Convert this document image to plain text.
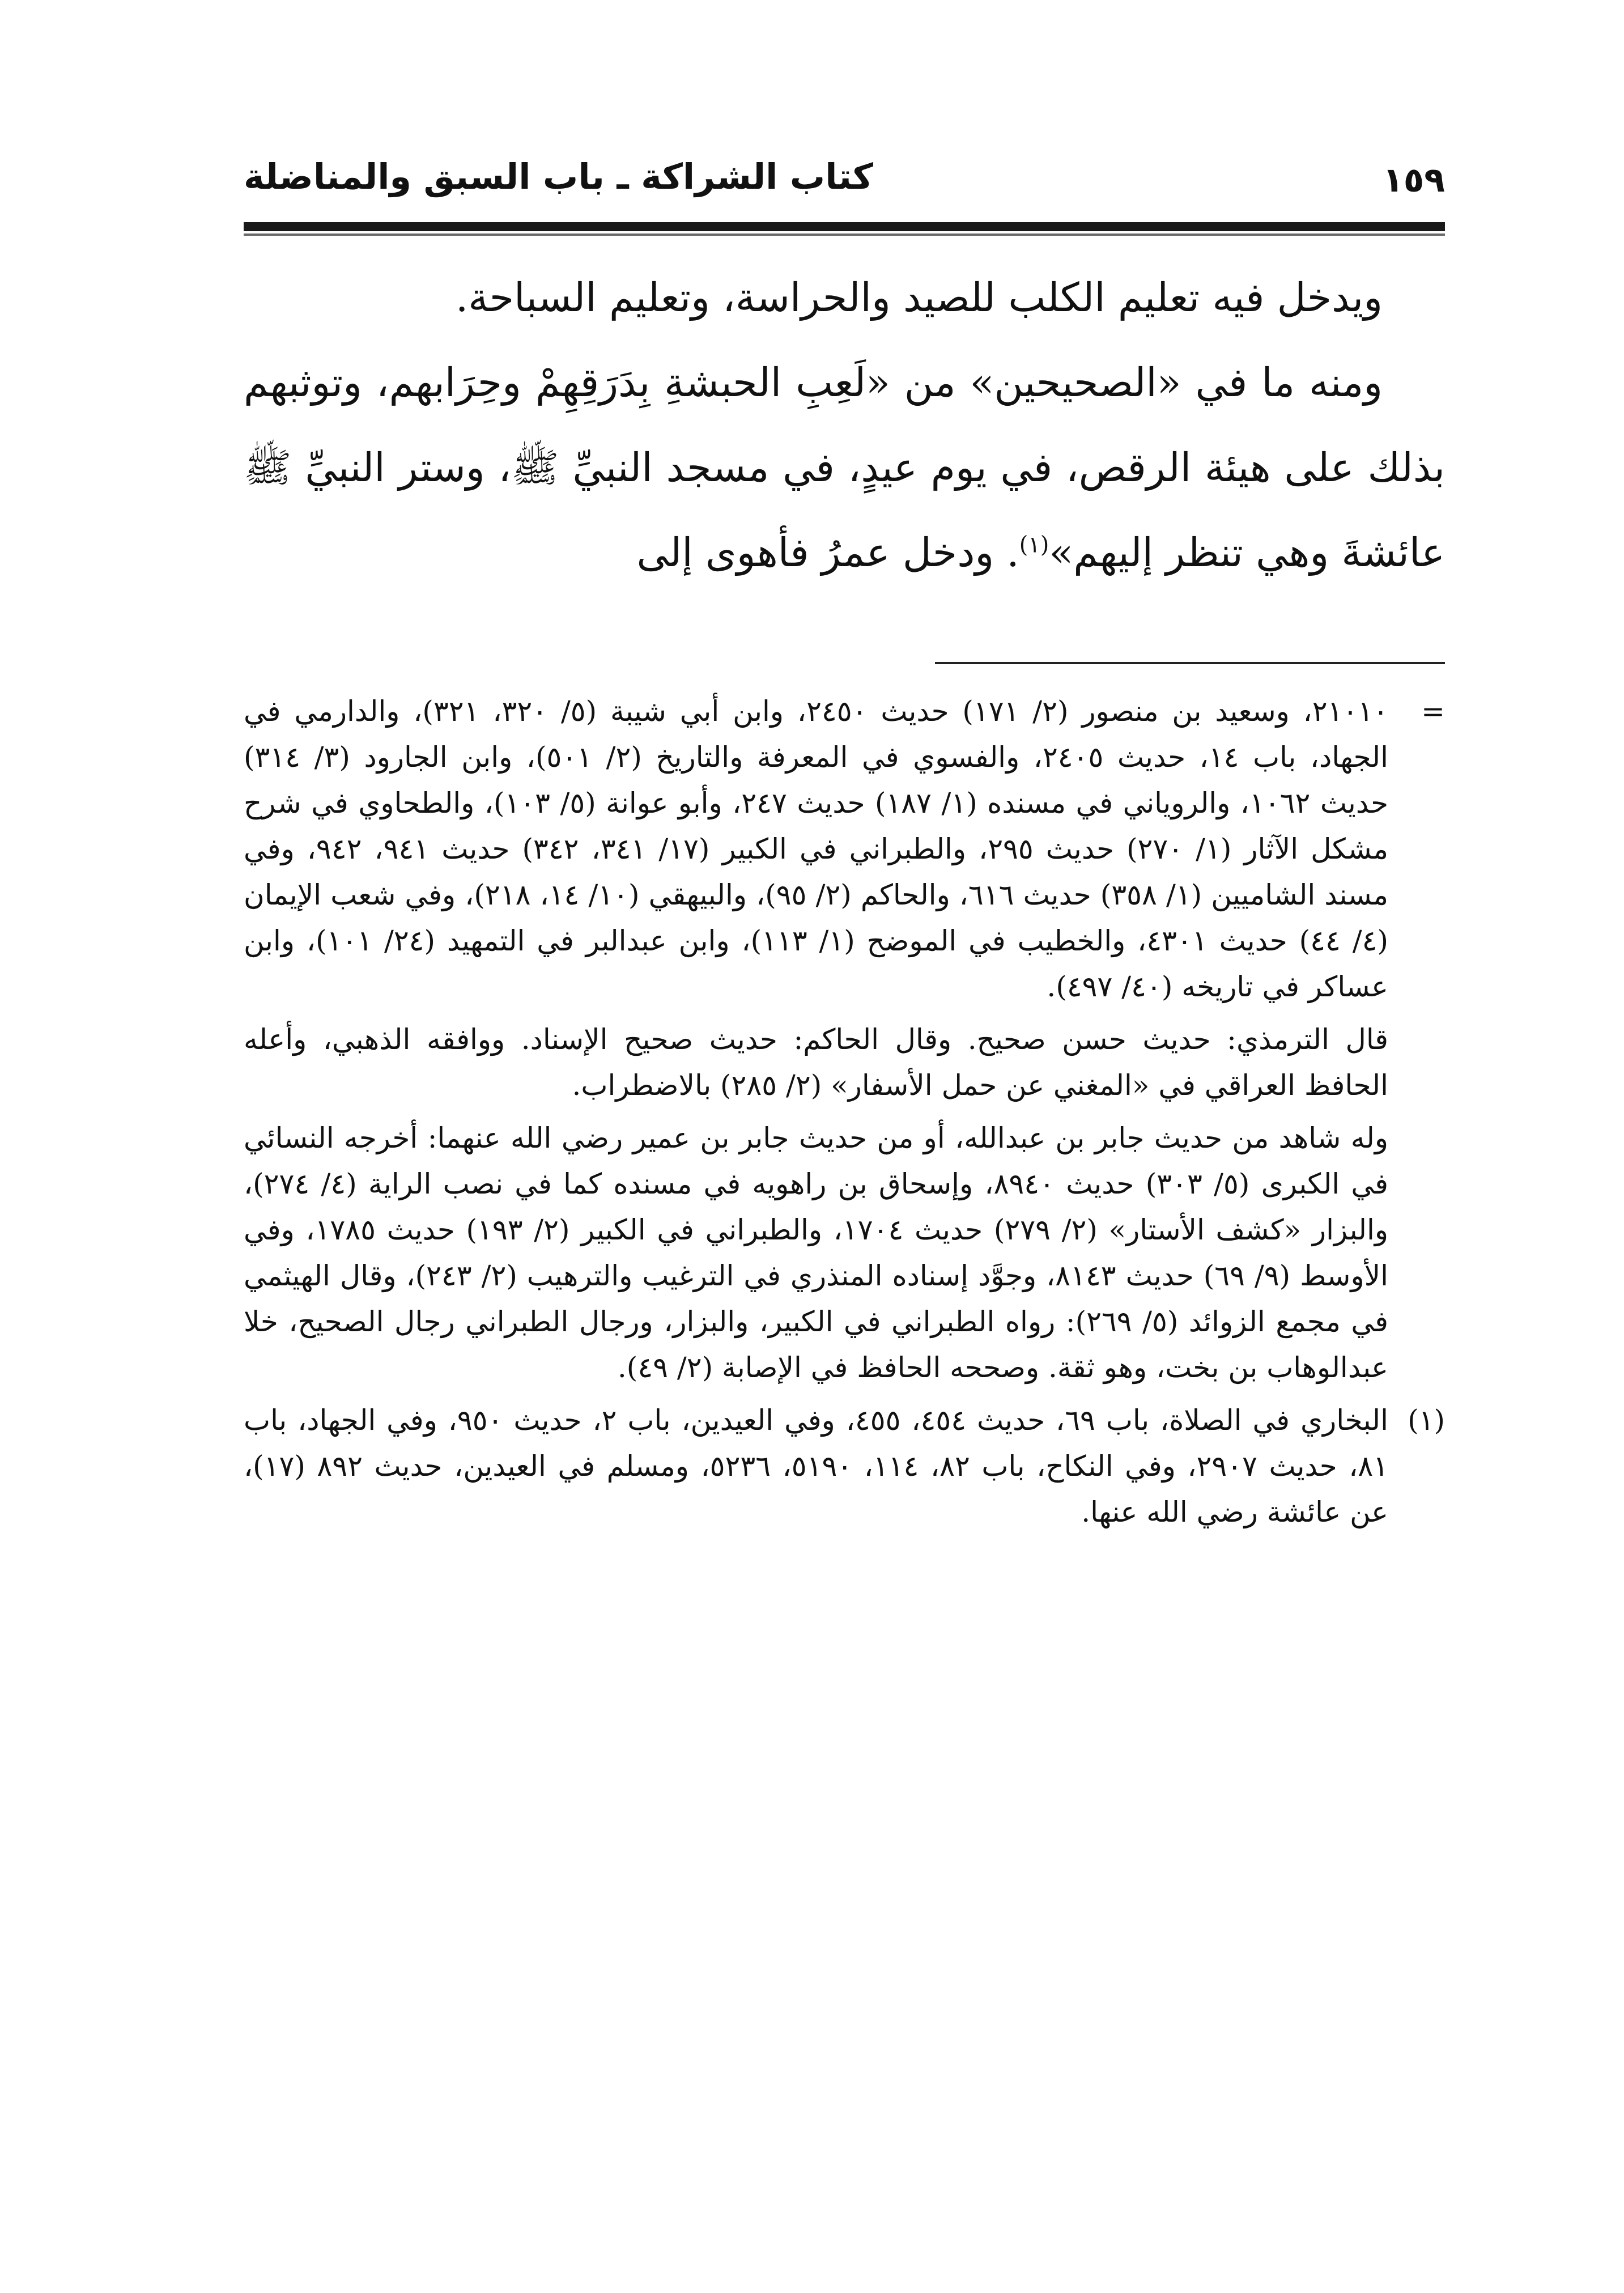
كتاب الشراكة ـ باب السبق والمناضلة	١٥٩

ويدخل فيه تعليم الكلب للصيد والحراسة، وتعليم السباحة.

ومنه ما في «الصحيحين» من «لَعِبِ الحبشةِ بِدَرَقِهِمْ وحِرَابهم، وتوثبهم بذلك على هيئة الرقص، في يوم عيدٍ، في مسجد النبيِّ ﷺ، وستر النبيِّ ﷺ عائشةَ وهي تنظر إليهم»$^{(١)}$. ودخل عمرُ فأهوى إلى

=

٢١٠١٠، وسعيد بن منصور (٢/ ١٧١) حديث ٢٤٥٠، وابن أبي شيبة (٥/ ٣٢٠، ٣٢١)، والدارمي في الجهاد، باب ١٤، حديث ٢٤٠٥، والفسوي في المعرفة والتاريخ (٢/ ٥٠١)، وابن الجارود (٣/ ٣١٤) حديث ١٠٦٢، والروياني في مسنده (١/ ١٨٧) حديث ٢٤٧، وأبو عوانة (٥/ ١٠٣)، والطحاوي في شرح مشكل الآثار (١/ ٢٧٠) حديث ٢٩٥، والطبراني في الكبير (١٧/ ٣٤١، ٣٤٢) حديث ٩٤١، ٩٤٢، وفي مسند الشاميين (١/ ٣٥٨) حديث ٦١٦، والحاكم (٢/ ٩٥)، والبيهقي (١٠/ ١٤، ٢١٨)، وفي شعب الإيمان (٤/ ٤٤) حديث ٤٣٠١، والخطيب في الموضح (١/ ١١٣)، وابن عبدالبر في التمهيد (٢٤/ ١٠١)، وابن عساكر في تاريخه (٤٠/ ٤٩٧).

قال الترمذي: حديث حسن صحيح. وقال الحاكم: حديث صحيح الإسناد. ووافقه الذهبي، وأعله الحافظ العراقي في «المغني عن حمل الأسفار» (٢/ ٢٨٥) بالاضطراب.

وله شاهد من حديث جابر بن عبدالله، أو من حديث جابر بن عمير رضي الله عنهما: أخرجه النسائي في الكبرى (٥/ ٣٠٣) حديث ٨٩٤٠، وإسحاق بن راهويه في مسنده كما في نصب الراية (٤/ ٢٧٤)، والبزار «كشف الأستار» (٢/ ٢٧٩) حديث ١٧٠٤، والطبراني في الكبير (٢/ ١٩٣) حديث ١٧٨٥، وفي الأوسط (٩/ ٦٩) حديث ٨١٤٣، وجوَّد إسناده المنذري في الترغيب والترهيب (٢/ ٢٤٣)، وقال الهيثمي في مجمع الزوائد (٥/ ٢٦٩): رواه الطبراني في الكبير، والبزار، ورجال الطبراني رجال الصحيح، خلا عبدالوهاب بن بخت، وهو ثقة. وصححه الحافظ في الإصابة (٢/ ٤٩).

(١)

البخاري في الصلاة، باب ٦٩، حديث ٤٥٤، ٤٥٥، وفي العيدين، باب ٢، حديث ٩٥٠، وفي الجهاد، باب ٨١، حديث ٢٩٠٧، وفي النكاح، باب ٨٢، ١١٤، ٥١٩٠، ٥٢٣٦، ومسلم في العيدين، حديث ٨٩٢ (١٧)، عن عائشة رضي الله عنها.
